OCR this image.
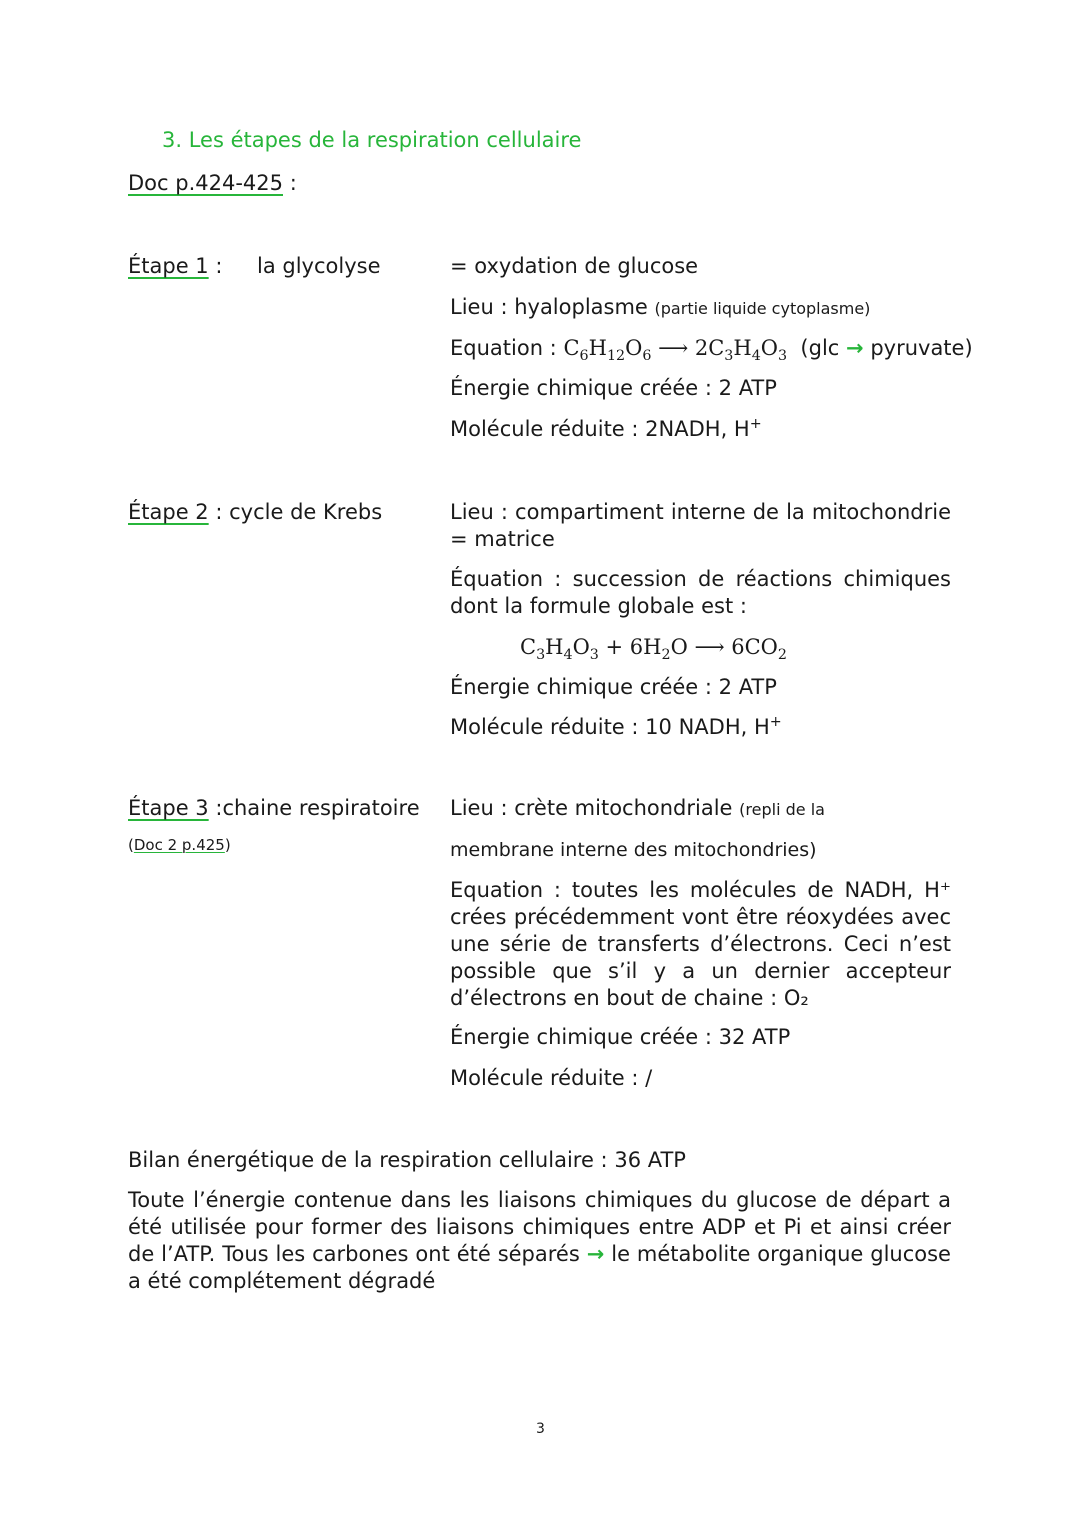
3. Les étapes de la respiration cellulaire
Doc p.424-425 :
Étape 1 : la glycolyse	= oxydation de glucose
Lieu : hyaloplasme (partie liquide cytoplasme)
Equation : $C_6H_{12}O_6$ ⟶ $2C_3H_4O_3$ (glc → pyruvate)
Énergie chimique créée : 2 ATP
Molécule réduite : 2NADH, H+
Étape 2 : cycle de Krebs	Lieu : compartiment interne de la mitochondrie = matrice
Équation : succession de réactions chimiques dont la formule globale est :
$C_3H_4O_3 + 6H_2O$ ⟶ $6CO_2$
Énergie chimique créée : 2 ATP
Molécule réduite : 10 NADH, H+
Étape 3 :chaine respiratoire
(Doc 2 p.425)
Lieu : crète mitochondriale (repli de la
membrane interne des mitochondries)
Equation : toutes les molécules de NADH, H⁺ crées précédemment vont être réoxydées avec une série de transferts d’électrons. Ceci n’est possible que s’il y a un dernier accepteur d’électrons en bout de chaine : O₂
Énergie chimique créée : 32 ATP
Molécule réduite : /
Bilan énergétique de la respiration cellulaire : 36 ATP
Toute l’énergie contenue dans les liaisons chimiques du glucose de départ a été utilisée pour former des liaisons chimiques entre ADP et Pi et ainsi créer de l’ATP. Tous les carbones ont été séparés → le métabolite organique glucose a été complétement dégradé
3
